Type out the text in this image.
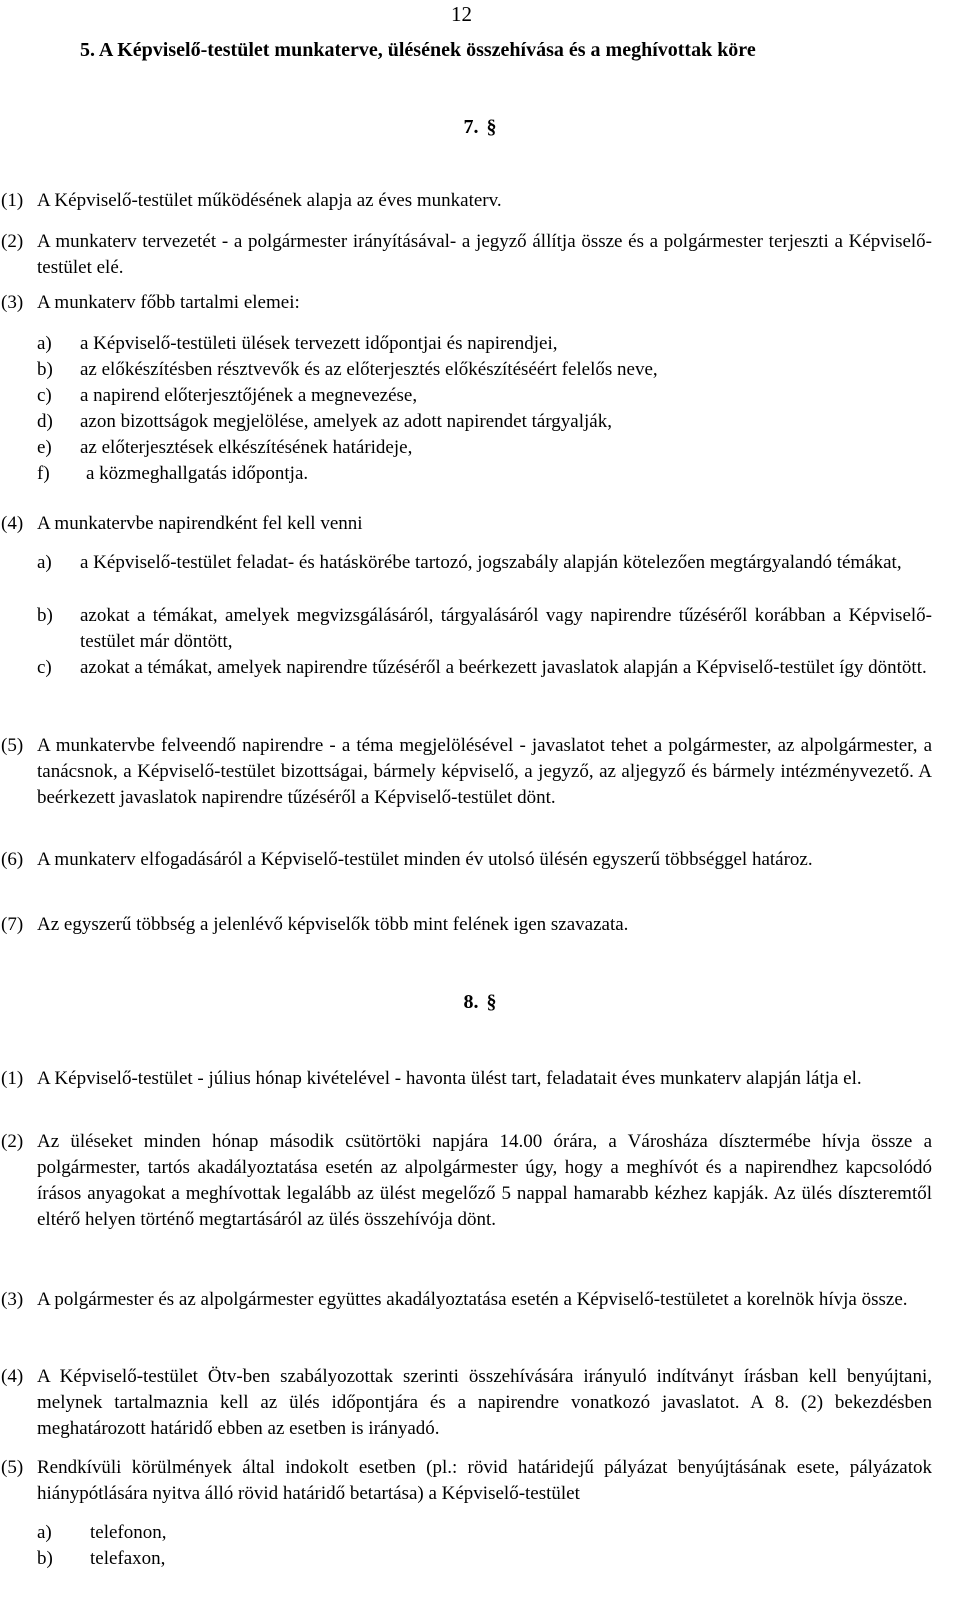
12
5. A Képviselő-testület munkaterve, ülésének összehívása és a meghívottak köre
7. §
(1) A Képviselő-testület működésének alapja az éves munkaterv.
(2) A munkaterv tervezetét - a polgármester irányításával- a jegyző állítja össze és a polgármester terjeszti a Képviselő-testület elé.
(3) A munkaterv főbb tartalmi elemei:
a) a Képviselő-testületi ülések tervezett időpontjai és napirendjei,
b) az előkészítésben résztvevők és az előterjesztés előkészítéséért felelős neve,
c) a napirend előterjesztőjének a megnevezése,
d) azon bizottságok megjelölése, amelyek az adott napirendet tárgyalják,
e) az előterjesztések elkészítésének határideje,
f) a közmeghallgatás időpontja.
(4) A munkatervbe napirendként fel kell venni
a) a Képviselő-testület feladat- és hatáskörébe tartozó, jogszabály alapján kötelezően megtárgyalandó témákat,
b) azokat a témákat, amelyek megvizsgálásáról, tárgyalásáról vagy napirendre tűzéséről korábban a Képviselő-testület már döntött,
c) azokat a témákat, amelyek napirendre tűzéséről a beérkezett javaslatok alapján a Képviselő-testület így döntött.
(5) A munkatervbe felveendő napirendre - a téma megjelölésével - javaslatot tehet a polgármester, az alpolgármester, a tanácsnok, a Képviselő-testület bizottságai, bármely képviselő, a jegyző, az aljegyző és bármely intézményvezető. A beérkezett javaslatok napirendre tűzéséről a Képviselő-testület dönt.
(6) A munkaterv elfogadásáról a Képviselő-testület minden év utolsó ülésén egyszerű többséggel határoz.
(7) Az egyszerű többség a jelenlévő képviselők több mint felének igen szavazata.
8. §
(1) A Képviselő-testület - július hónap kivételével - havonta ülést tart, feladatait éves munkaterv alapján látja el.
(2) Az üléseket minden hónap második csütörtöki napjára 14.00 órára, a Városháza dísztermébe hívja össze a polgármester, tartós akadályoztatása esetén az alpolgármester úgy, hogy a meghívót és a napirendhez kapcsolódó írásos anyagokat a meghívottak legalább az ülést megelőző 5 nappal hamarabb kézhez kapják. Az ülés díszteremtől eltérő helyen történő megtartásáról az ülés összehívója dönt.
(3) A polgármester és az alpolgármester együttes akadályoztatása esetén a Képviselő-testületet a korelnök hívja össze.
(4) A Képviselő-testület Ötv-ben szabályozottak szerinti összehívására irányuló indítványt írásban kell benyújtani, melynek tartalmaznia kell az ülés időpontjára és a napirendre vonatkozó javaslatot. A 8. (2) bekezdésben meghatározott határidő ebben az esetben is irányadó.
(5) Rendkívüli körülmények által indokolt esetben (pl.: rövid határidejű pályázat benyújtásának esete, pályázatok hiánypótlására nyitva álló rövid határidő betartása) a Képviselő-testület
a) telefonon,
b) telefaxon,
